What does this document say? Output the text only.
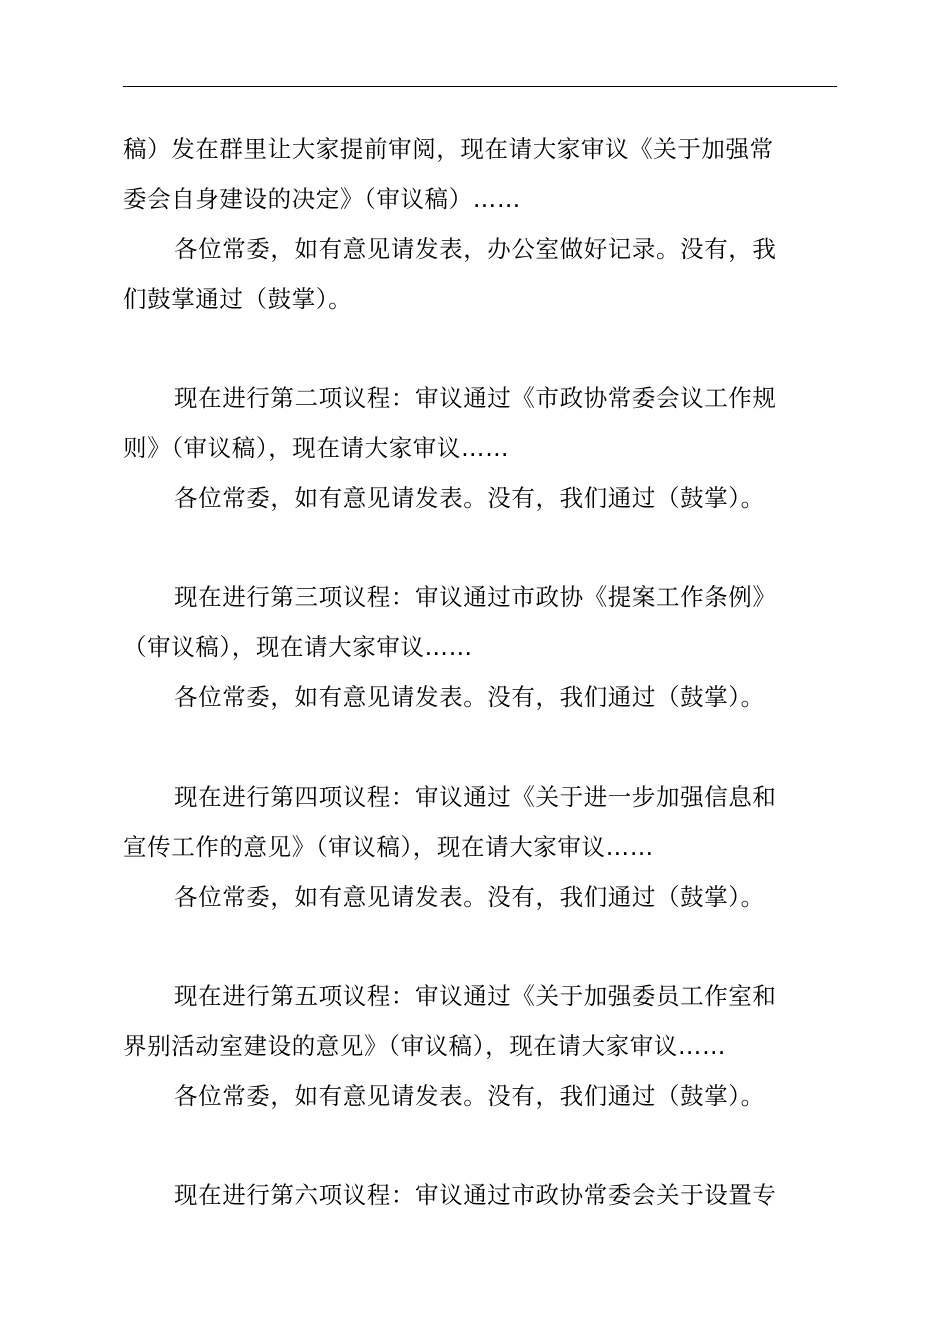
稿）发在群里让大家提前审阅，现在请大家审议《关于加强常
委会自身建设的决定》（审议稿）……
各位常委，如有意见请发表，办公室做好记录。没有，我
们鼓掌通过（鼓掌）。
现在进行第二项议程：审议通过《市政协常委会议工作规
则》（审议稿），现在请大家审议……
各位常委，如有意见请发表。没有，我们通过（鼓掌）。
现在进行第三项议程：审议通过市政协《提案工作条例》
（审议稿），现在请大家审议……
各位常委，如有意见请发表。没有，我们通过（鼓掌）。
现在进行第四项议程：审议通过《关于进一步加强信息和
宣传工作的意见》（审议稿），现在请大家审议……
各位常委，如有意见请发表。没有，我们通过（鼓掌）。
现在进行第五项议程：审议通过《关于加强委员工作室和
界别活动室建设的意见》（审议稿），现在请大家审议……
各位常委，如有意见请发表。没有，我们通过（鼓掌）。
现在进行第六项议程：审议通过市政协常委会关于设置专
